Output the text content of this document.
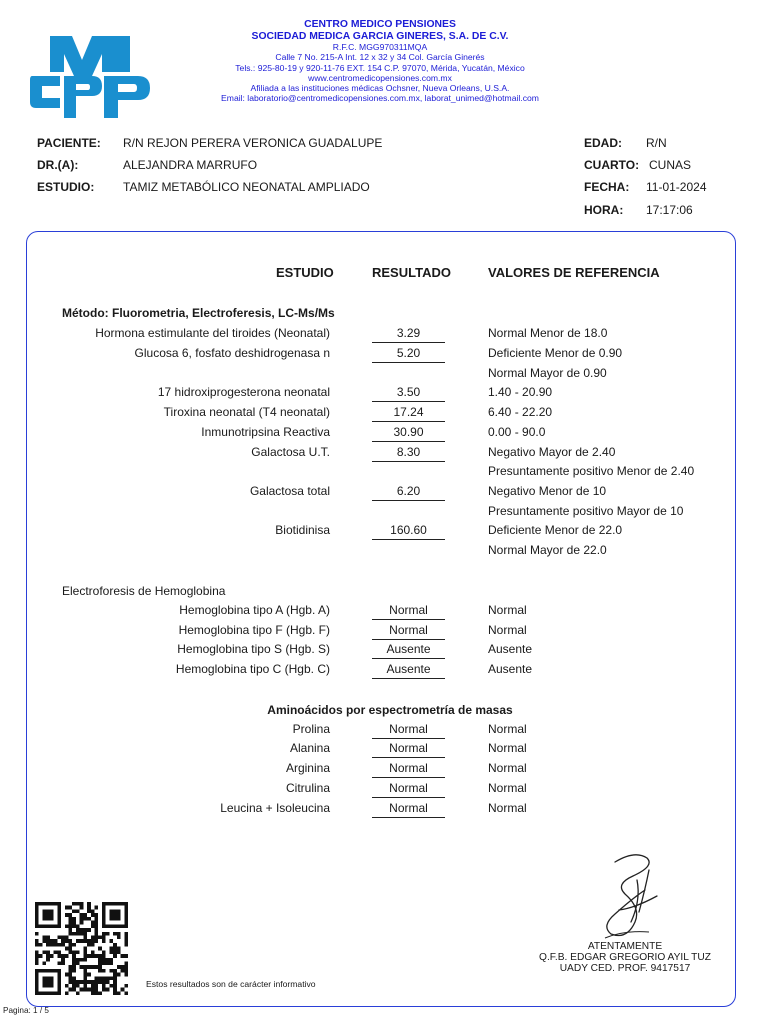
CENTRO MEDICO PENSIONES
SOCIEDAD MEDICA GARCIA GINERES, S.A. DE C.V.
R.F.C. MGG970311MQA
Calle 7 No. 215-A Int. 12 x 32 y 34 Col. García Ginerés
Tels.: 925-80-19 y 920-11-76 EXT. 154 C.P. 97070, Mérida, Yucatán, México
www.centromedicopensiones.com.mx
Afiliada a las instituciones médicas Ochsner, Nueva Orleans, U.S.A.
Email: laboratorio@centromedicopensiones.com.mx, laborat_unimed@hotmail.com
PACIENTE: R/N REJON PERERA VERONICA GUADALUPE
DR.(A):	ALEJANDRA MARRUFO
ESTUDIO: TAMIZ METABÓLICO NEONATAL AMPLIADO
EDAD: R/N
CUARTO: CUNAS
FECHA: 11-01-2024
HORA: 17:17:06
ESTUDIO	RESULTADO	VALORES DE REFERENCIA
Método: Fluorometria, Electroferesis, LC-Ms/Ms
Hormona estimulante del tiroides (Neonatal)	3.29	Normal Menor de 18.0
Glucosa 6, fosfato deshidrogenasa n	5.20	Deficiente Menor de 0.90
Normal Mayor de 0.90
17 hidroxiprogesterona neonatal	3.50	1.40 - 20.90
Tiroxina neonatal (T4 neonatal)	17.24	6.40 - 22.20
Inmunotripsina Reactiva	30.90	0.00 - 90.0
Galactosa U.T.	8.30	Negativo Mayor de 2.40
Presuntamente positivo Menor de 2.40
Galactosa total	6.20	Negativo Menor de 10
Presuntamente positivo Mayor de 10
Biotidinisa	160.60	Deficiente Menor de 22.0
Normal Mayor de 22.0
Electroforesis de Hemoglobina
Hemoglobina tipo A (Hgb. A)	Normal	Normal
Hemoglobina tipo F (Hgb. F)	Normal	Normal
Hemoglobina tipo S (Hgb. S)	Ausente	Ausente
Hemoglobina tipo C (Hgb. C)	Ausente	Ausente
Aminoácidos por espectrometría de masas
Prolina	Normal	Normal
Alanina	Normal	Normal
Arginina	Normal	Normal
Citrulina	Normal	Normal
Leucina + Isoleucina	Normal	Normal
ATENTAMENTE
Q.F.B. EDGAR GREGORIO AYIL TUZ
UADY CED. PROF. 9417517
Estos resultados son de carácter informativo
Pagina: 1 / 5
